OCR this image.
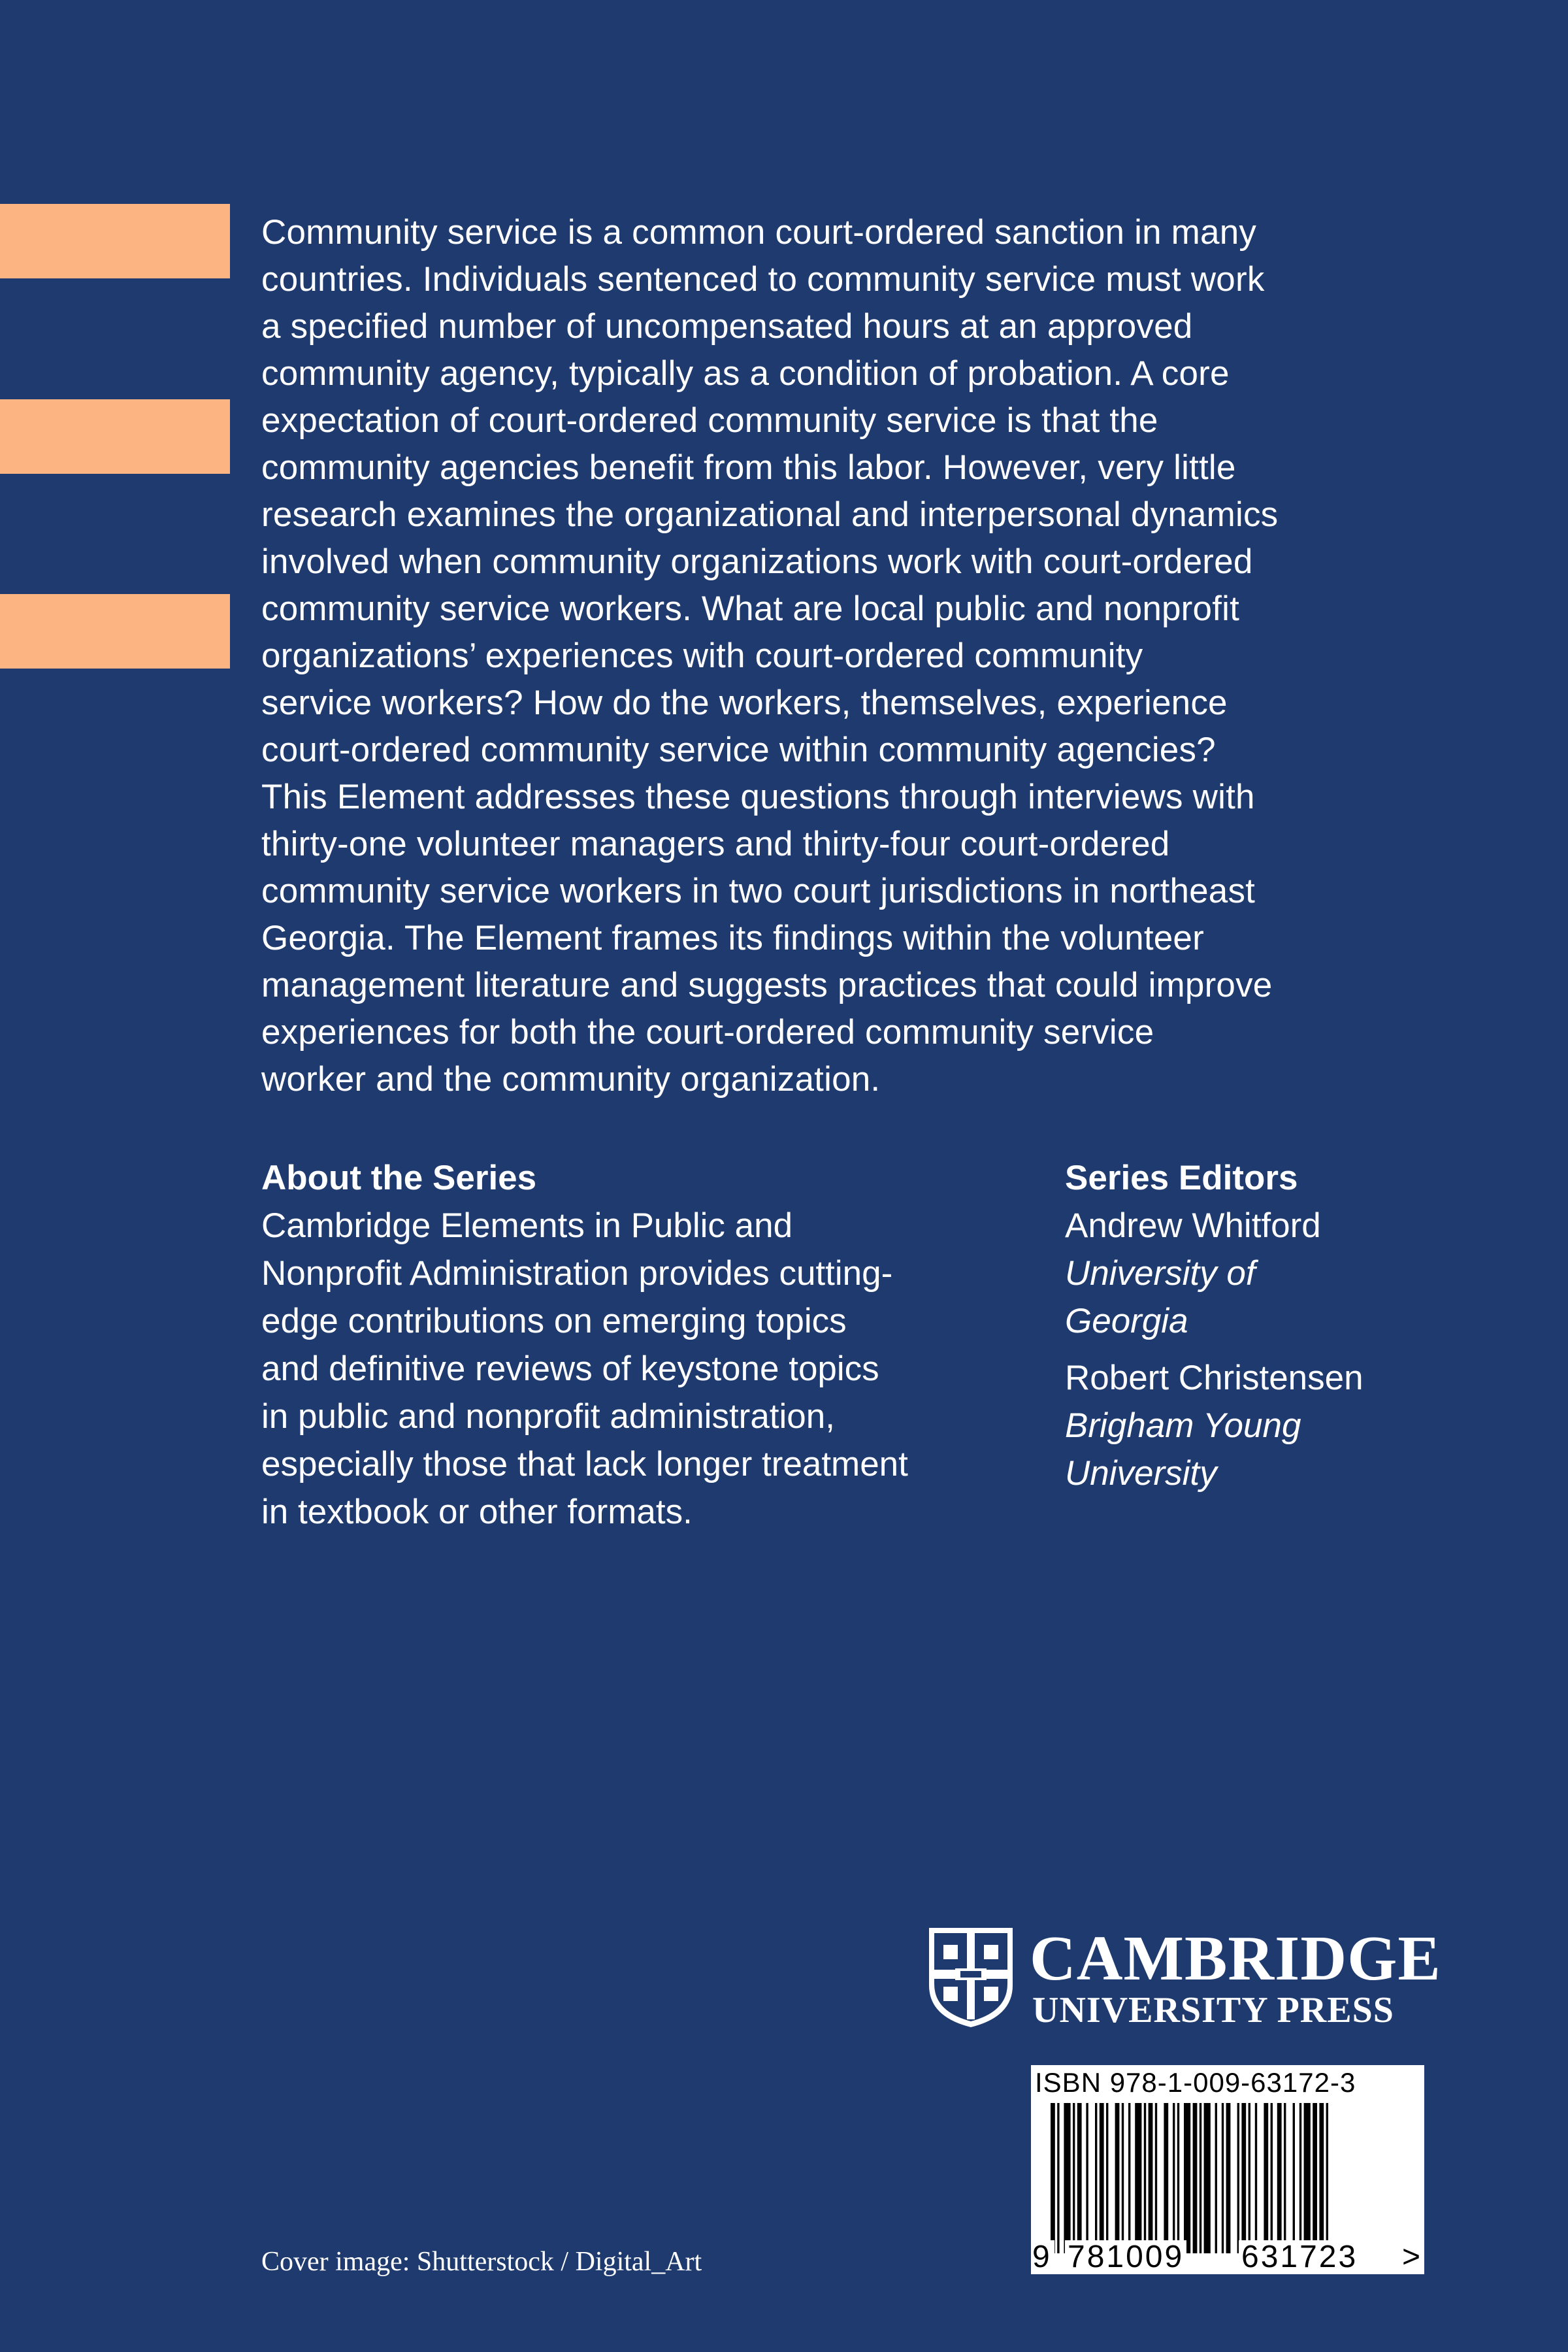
Community service is a common court-ordered sanction in many
countries. Individuals sentenced to community service must work
a specified number of uncompensated hours at an approved
community agency, typically as a condition of probation. A core
expectation of court-ordered community service is that the
community agencies benefit from this labor. However, very little
research examines the organizational and interpersonal dynamics
involved when community organizations work with court-ordered
community service workers. What are local public and nonprofit
organizations’ experiences with court-ordered community
service workers? How do the workers, themselves, experience
court-ordered community service within community agencies?
This Element addresses these questions through interviews with
thirty-one volunteer managers and thirty-four court-ordered
community service workers in two court jurisdictions in northeast
Georgia. The Element frames its findings within the volunteer
management literature and suggests practices that could improve
experiences for both the court-ordered community service
worker and the community organization.

About the Series
Cambridge Elements in Public and
Nonprofit Administration provides cutting-
edge contributions on emerging topics
and definitive reviews of keystone topics
in public and nonprofit administration,
especially those that lack longer treatment
in textbook or other formats.
Series Editors
Andrew Whitford
University of
Georgia
Robert Christensen
Brigham Young
University
CAMBRIDGE
UNIVERSITY PRESS
ISBN 978-1-009-63172-3
9 781009 631723 >
Cover image: Shutterstock / Digital_Art
